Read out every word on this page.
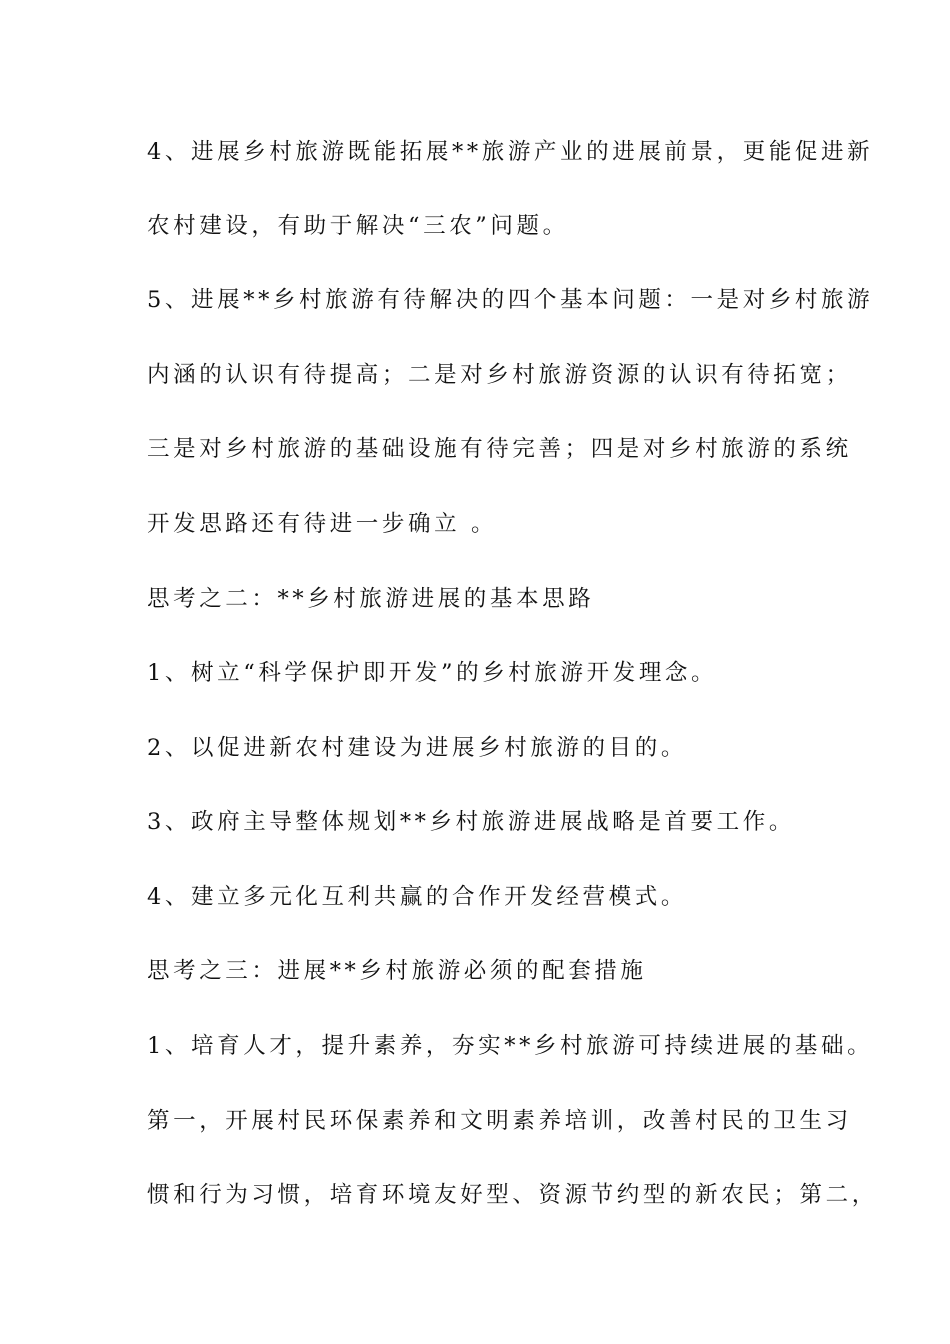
4、进展乡村旅游既能拓展**旅游产业的进展前景，更能促进新

农村建设，有助于解决“三农”问题。

5、进展**乡村旅游有待解决的四个基本问题：一是对乡村旅游

内涵的认识有待提高；二是对乡村旅游资源的认识有待拓宽；

三是对乡村旅游的基础设施有待完善；四是对乡村旅游的系统

开发思路还有待进一步确立 。

思考之二：**乡村旅游进展的基本思路

1、树立“科学保护即开发”的乡村旅游开发理念。

2、以促进新农村建设为进展乡村旅游的目的。

3、政府主导整体规划**乡村旅游进展战略是首要工作。

4、建立多元化互利共赢的合作开发经营模式。

思考之三：进展**乡村旅游必须的配套措施

1、培育人才，提升素养，夯实**乡村旅游可持续进展的基础。

第一，开展村民环保素养和文明素养培训，改善村民的卫生习

惯和行为习惯，培育环境友好型、资源节约型的新农民；第二，
